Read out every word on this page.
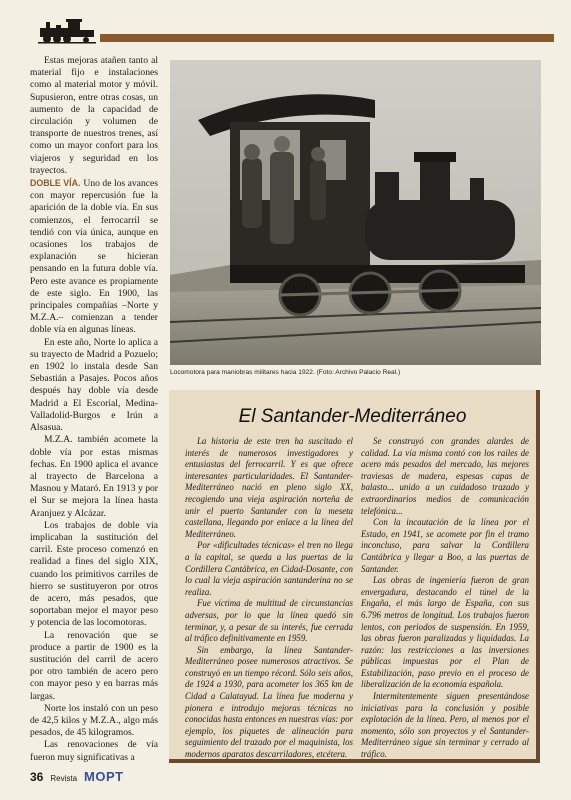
Estas mejoras atañen tanto al material fijo e instalaciones como al material motor y móvil. Supusieron, entre otras cosas, un aumento de la capacidad de circulación y volumen de transporte de nuestros trenes, así como un mayor confort para los viajeros y seguridad en los trayectos.

DOBLE VÍA. Uno de los avances con mayor repercusión fue la aparición de la doble vía. En sus comienzos, el ferrocarril se tendió con vía única, aunque en ocasiones los trabajos de explanación se hicieran pensando en la futura doble vía. Pero este avance es propiamente de este siglo. En 1900, las principales compañías –Norte y M.Z.A.– comienzan a tender doble vía en algunas líneas.

En este año, Norte lo aplica a su trayecto de Madrid a Pozuelo; en 1902 lo instala desde San Sebastián a Pasajes. Pocos años después hay doble vía desde Madrid a El Escorial, Medina-Valladolid-Burgos e Irún a Alsasua.

M.Z.A. también acomete la doble vía por estas mismas fechas. En 1900 aplica el avance al trayecto de Barcelona a Masnou y Mataró. En 1913 y por el Sur se mejora la línea hasta Aranjuez y Alcázar.

Los trabajos de doble vía implicaban la sustitución del carril. Este proceso comenzó en realidad a fines del siglo XIX, cuando los primitivos carriles de hierro se sustituyeron por otros de acero, más pesados, que soportaban mejor el mayor peso y potencia de las locomotoras.

La renovación que se produce a partir de 1900 es la sustitución del carril de acero por otro también de acero pero con mayor peso y en barras más largas.

Norte los instaló con un peso de 42,5 kilos y M.Z.A., algo más pesados, de 45 kilogramos.

Las renovaciones de vía fueron muy significativas a

Locomotora para maniobras militares hacia 1922. (Foto: Archivo Palacio Real.)
El Santander-Mediterráneo

La historia de este tren ha suscitado el interés de numerosos investigadores y entusiastas del ferrocarril. Y es que ofrece interesantes particularidades. El Santander-Mediterráneo nació en pleno siglo XX, recogiendo una vieja aspiración norteña de unir el puerto Santander con la meseta castellana, llegando por enlace a la línea del Mediterráneo.

Por «dificultades técnicas» el tren no llega a la capital, se queda a las puertas de la Cordillera Cantábrica, en Cidad-Dosante, con lo cual la vieja aspiración santanderina no se realiza.

Fue víctima de multitud de circunstancias adversas, por lo que la línea quedó sin terminar, y, a pesar de su interés, fue cerrada al tráfico definitivamente en 1959.

Sin embargo, la línea Santander-Mediterráneo posee numerosos atractivos. Se construyó en un tiempo récord. Sólo seis años, de 1924 a 1930, para acometer los 365 km de Cidad a Calatayud. La línea fue moderna y pionera e introdujo mejoras técnicas no conocidas hasta entonces en nuestras vías: por ejemplo, los piquetes de alineación para seguimiento del trazado por el maquinista, los modernos aparatos descarriladores, etcétera.

Se construyó con grandes alardes de calidad. La vía misma contó con los railes de acero más pesados del mercado, las mejores traviesas de madera, espesas capas de balasto... unido a un cuidadoso trazado y extraordinarios medios de comunicación telefónica...

Con la incautación de la línea por el Estado, en 1941, se acomete por fin el tramo inconcluso, para salvar la Cordillera Cantábrica y llegar a Boo, a las puertas de Santander.

Las obras de ingeniería fueron de gran envergadura, destacando el túnel de la Engaña, el más largo de España, con sus 6.796 metros de longitud. Los trabajos fueron lentos, con periodos de suspensión. En 1959, las obras fueron paralizadas y liquidadas. La razón: las restricciones a las inversiones públicas impuestas por el Plan de Estabilización, paso previo en el proceso de liberalización de la economía española.

Intermitentemente siguen presentándose iniciativas para la conclusión y posible explotación de la línea. Pero, al menos por el momento, sólo son proyectos y el Santander-Mediterráneo sigue sin terminar y cerrado al tráfico.

36 Revista MOPT
